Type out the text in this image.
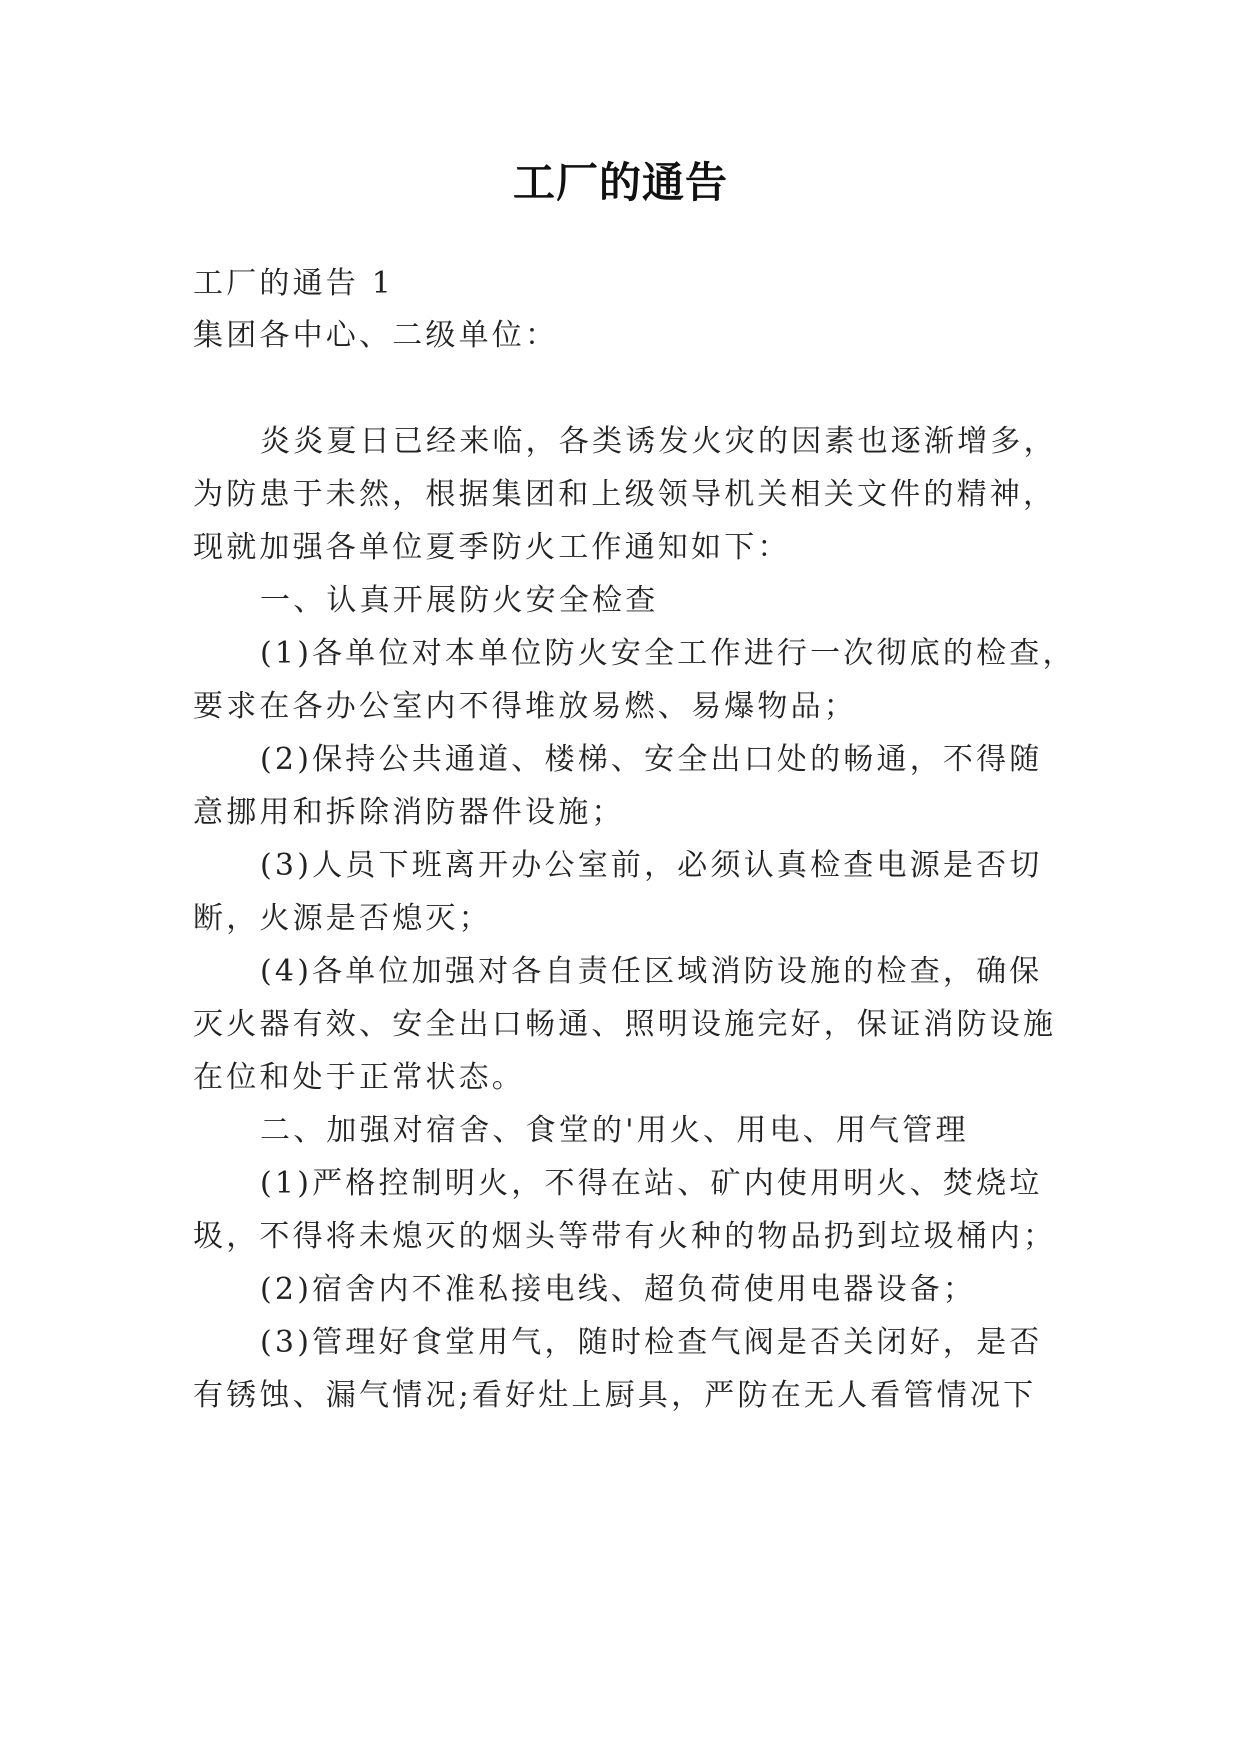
工厂的通告
工厂的通告 1
集团各中心、二级单位：
炎炎夏日已经来临，各类诱发火灾的因素也逐渐增多，
为防患于未然，根据集团和上级领导机关相关文件的精神，
现就加强各单位夏季防火工作通知如下：
一、认真开展防火安全检查
(1)各单位对本单位防火安全工作进行一次彻底的检查，
要求在各办公室内不得堆放易燃、易爆物品；
(2)保持公共通道、楼梯、安全出口处的畅通，不得随
意挪用和拆除消防器件设施；
(3)人员下班离开办公室前，必须认真检查电源是否切
断，火源是否熄灭；
(4)各单位加强对各自责任区域消防设施的检查，确保
灭火器有效、安全出口畅通、照明设施完好，保证消防设施
在位和处于正常状态。
二、加强对宿舍、食堂的'用火、用电、用气管理
(1)严格控制明火，不得在站、矿内使用明火、焚烧垃
圾，不得将未熄灭的烟头等带有火种的物品扔到垃圾桶内；
(2)宿舍内不准私接电线、超负荷使用电器设备；
(3)管理好食堂用气，随时检查气阀是否关闭好，是否
有锈蚀、漏气情况;看好灶上厨具，严防在无人看管情况下
